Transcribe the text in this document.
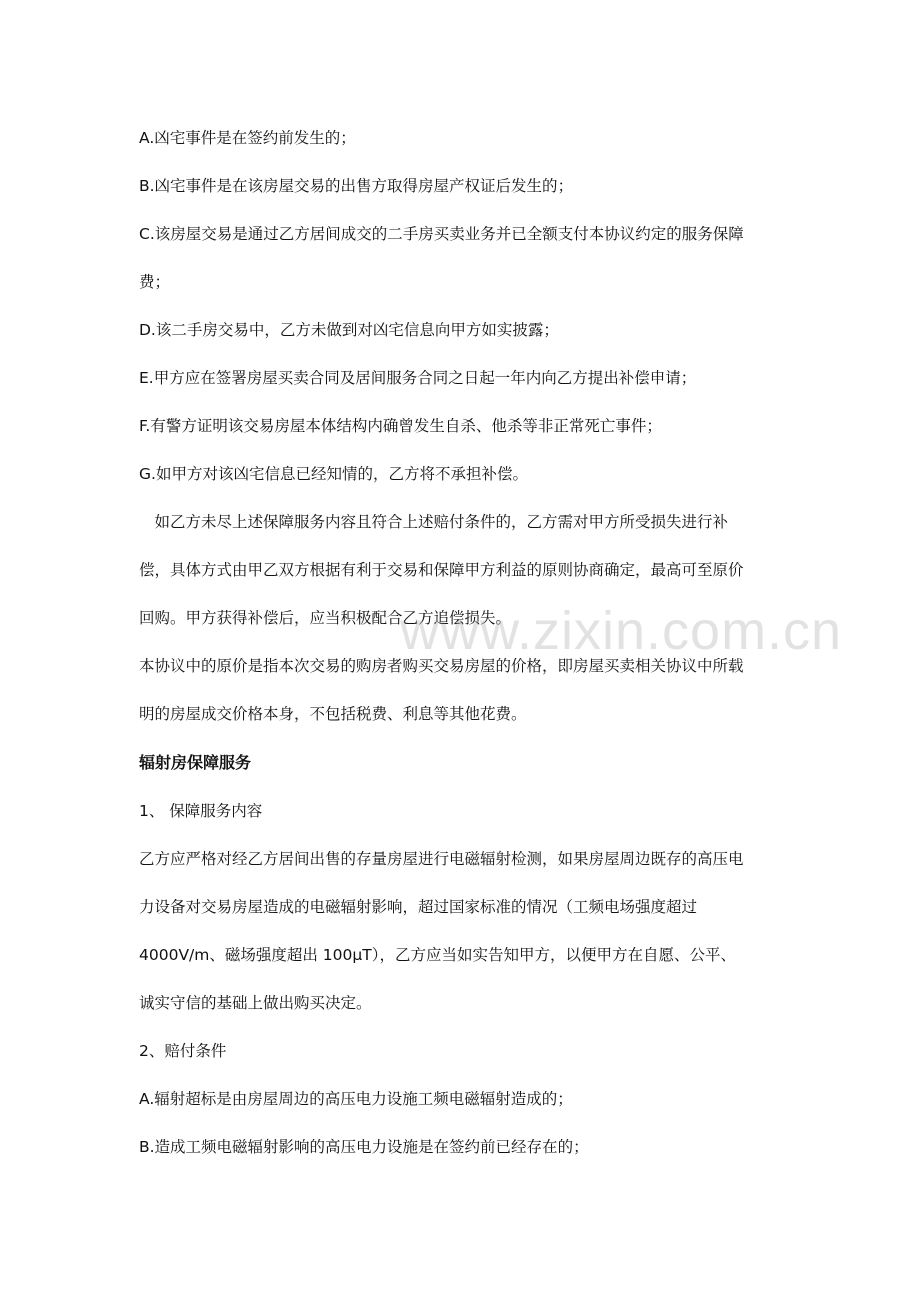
A.凶宅事件是在签约前发生的；

B.凶宅事件是在该房屋交易的出售方取得房屋产权证后发生的；

C.该房屋交易是通过乙方居间成交的二手房买卖业务并已全额支付本协议约定的服务保障
费；

D.该二手房交易中，乙方未做到对凶宅信息向甲方如实披露；

E.甲方应在签署房屋买卖合同及居间服务合同之日起一年内向乙方提出补偿申请；

F.有警方证明该交易房屋本体结构内确曾发生自杀、他杀等非正常死亡事件；

G.如甲方对该凶宅信息已经知情的，乙方将不承担补偿。

　如乙方未尽上述保障服务内容且符合上述赔付条件的，乙方需对甲方所受损失进行补
偿，具体方式由甲乙双方根据有利于交易和保障甲方利益的原则协商确定，最高可至原价
回购。甲方获得补偿后，应当积极配合乙方追偿损失。

本协议中的原价是指本次交易的购房者购买交易房屋的价格，即房屋买卖相关协议中所载
明的房屋成交价格本身，不包括税费、利息等其他花费。

辐射房保障服务

1、 保障服务内容

乙方应严格对经乙方居间出售的存量房屋进行电磁辐射检测，如果房屋周边既存的高压电
力设备对交易房屋造成的电磁辐射影响，超过国家标准的情况（工频电场强度超过
4000V/m、磁场强度超出 100μT），乙方应当如实告知甲方，以便甲方在自愿、公平、
诚实守信的基础上做出购买决定。

2、赔付条件

A.辐射超标是由房屋周边的高压电力设施工频电磁辐射造成的；

B.造成工频电磁辐射影响的高压电力设施是在签约前已经存在的；

www.zixin.com.cn
